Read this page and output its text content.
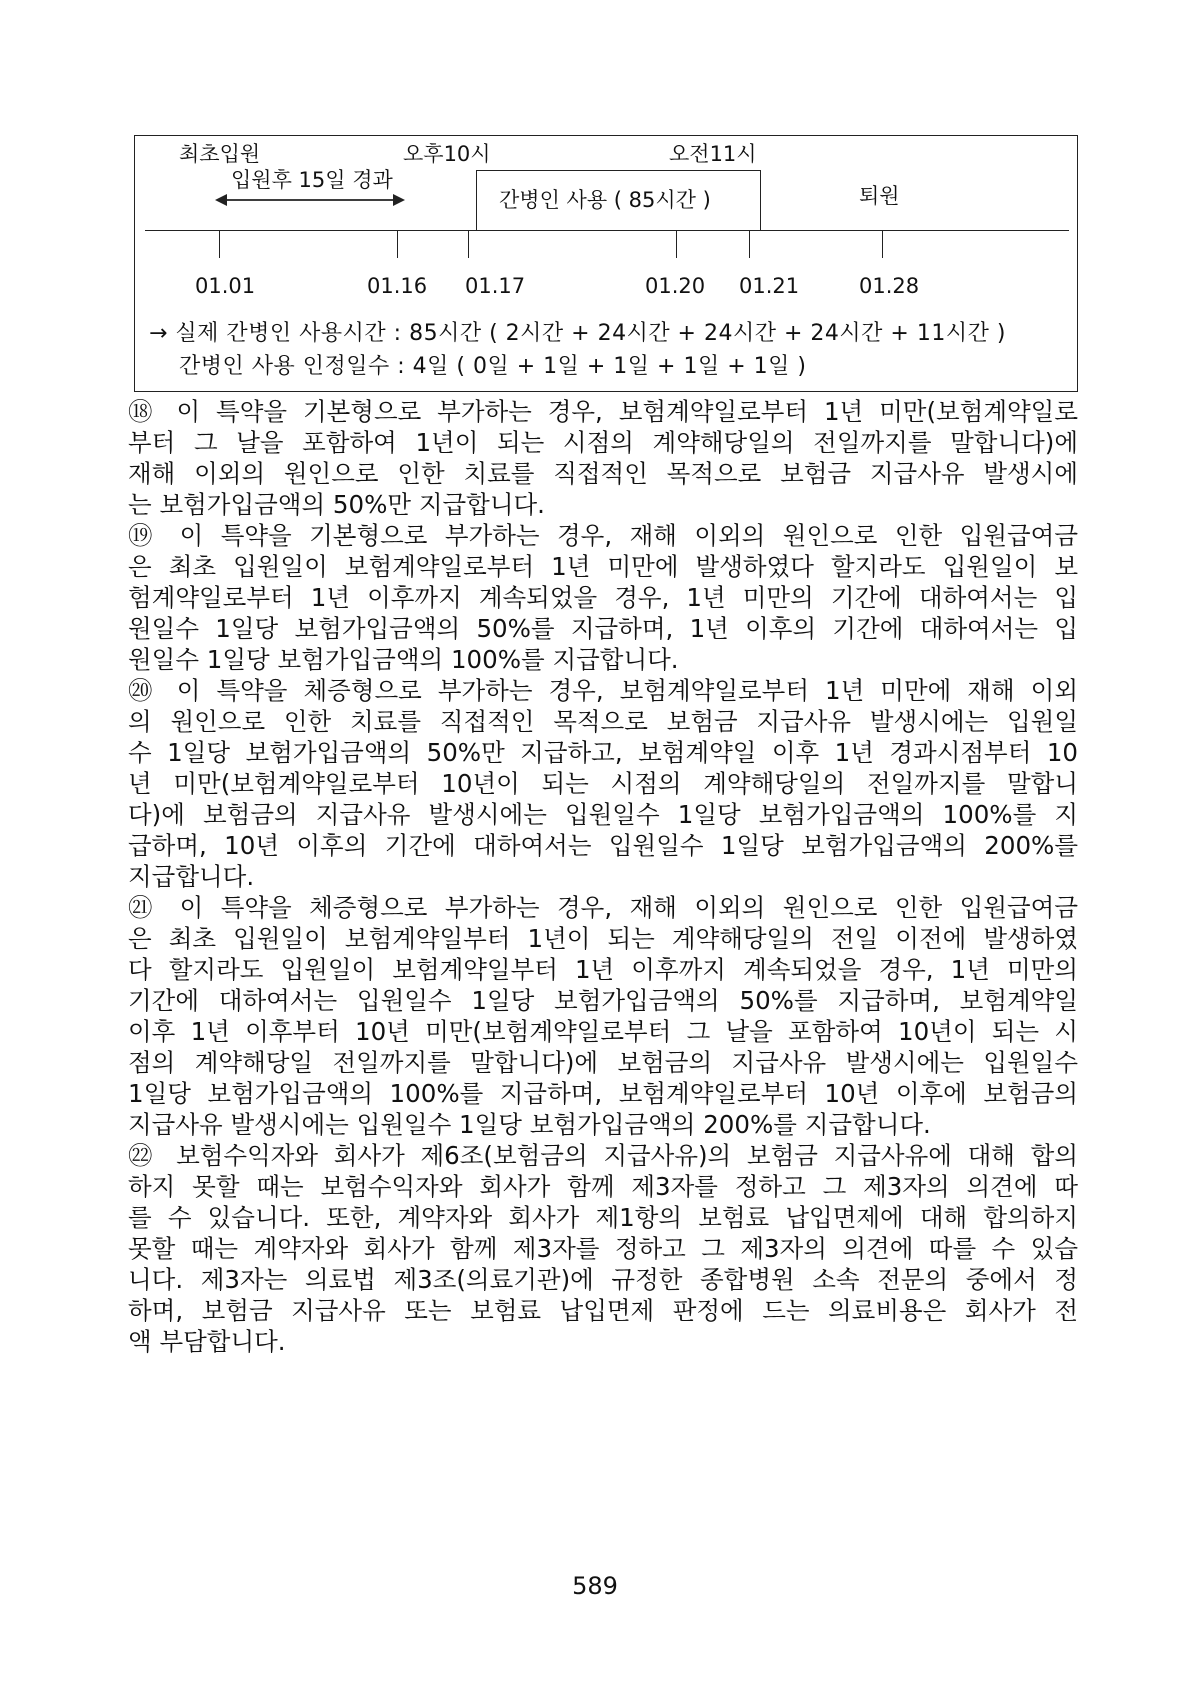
최초입원
입원후 15일 경과
오후10시	오전11시
퇴원
간병인 사용 ( 85시간 )
01.01	01.16 01.17	01.20 01.21	01.28
→ 실제 간병인 사용시간 : 85시간 ( 2시간 + 24시간 + 24시간 + 24시간 + 11시간 )
간병인 사용 인정일수 : 4일 ( 0일 + 1일 + 1일 + 1일 + 1일 )
⑱ 이 특약을 기본형으로 부가하는 경우, 보험계약일로부터 1년 미만(보험계약일로
부터 그 날을 포함하여 1년이 되는 시점의 계약해당일의 전일까지를 말합니다)에
재해 이외의 원인으로 인한 치료를 직접적인 목적으로 보험금 지급사유 발생시에
는 보험가입금액의 50%만 지급합니다.
⑲ 이 특약을 기본형으로 부가하는 경우, 재해 이외의 원인으로 인한 입원급여금
은 최초 입원일이 보험계약일로부터 1년 미만에 발생하였다 할지라도 입원일이 보
험계약일로부터 1년 이후까지 계속되었을 경우, 1년 미만의 기간에 대하여서는 입
원일수 1일당 보험가입금액의 50%를 지급하며, 1년 이후의 기간에 대하여서는 입
원일수 1일당 보험가입금액의 100%를 지급합니다.
⑳ 이 특약을 체증형으로 부가하는 경우, 보험계약일로부터 1년 미만에 재해 이외
의 원인으로 인한 치료를 직접적인 목적으로 보험금 지급사유 발생시에는 입원일
수 1일당 보험가입금액의 50%만 지급하고, 보험계약일 이후 1년 경과시점부터 10
년 미만(보험계약일로부터 10년이 되는 시점의 계약해당일의 전일까지를 말합니
다)에 보험금의 지급사유 발생시에는 입원일수 1일당 보험가입금액의 100%를 지
급하며, 10년 이후의 기간에 대하여서는 입원일수 1일당 보험가입금액의 200%를
지급합니다.
㉑ 이 특약을 체증형으로 부가하는 경우, 재해 이외의 원인으로 인한 입원급여금
은 최초 입원일이 보험계약일부터 1년이 되는 계약해당일의 전일 이전에 발생하였
다 할지라도 입원일이 보험계약일부터 1년 이후까지 계속되었을 경우, 1년 미만의
기간에 대하여서는 입원일수 1일당 보험가입금액의 50%를 지급하며, 보험계약일
이후 1년 이후부터 10년 미만(보험계약일로부터 그 날을 포함하여 10년이 되는 시
점의 계약해당일 전일까지를 말합니다)에 보험금의 지급사유 발생시에는 입원일수
1일당 보험가입금액의 100%를 지급하며, 보험계약일로부터 10년 이후에 보험금의
지급사유 발생시에는 입원일수 1일당 보험가입금액의 200%를 지급합니다.
㉒ 보험수익자와 회사가 제6조(보험금의 지급사유)의 보험금 지급사유에 대해 합의
하지 못할 때는 보험수익자와 회사가 함께 제3자를 정하고 그 제3자의 의견에 따
를 수 있습니다. 또한, 계약자와 회사가 제1항의 보험료 납입면제에 대해 합의하지
못할 때는 계약자와 회사가 함께 제3자를 정하고 그 제3자의 의견에 따를 수 있습
니다. 제3자는 의료법 제3조(의료기관)에 규정한 종합병원 소속 전문의 중에서 정
하며, 보험금 지급사유 또는 보험료 납입면제 판정에 드는 의료비용은 회사가 전
액 부담합니다.
589
